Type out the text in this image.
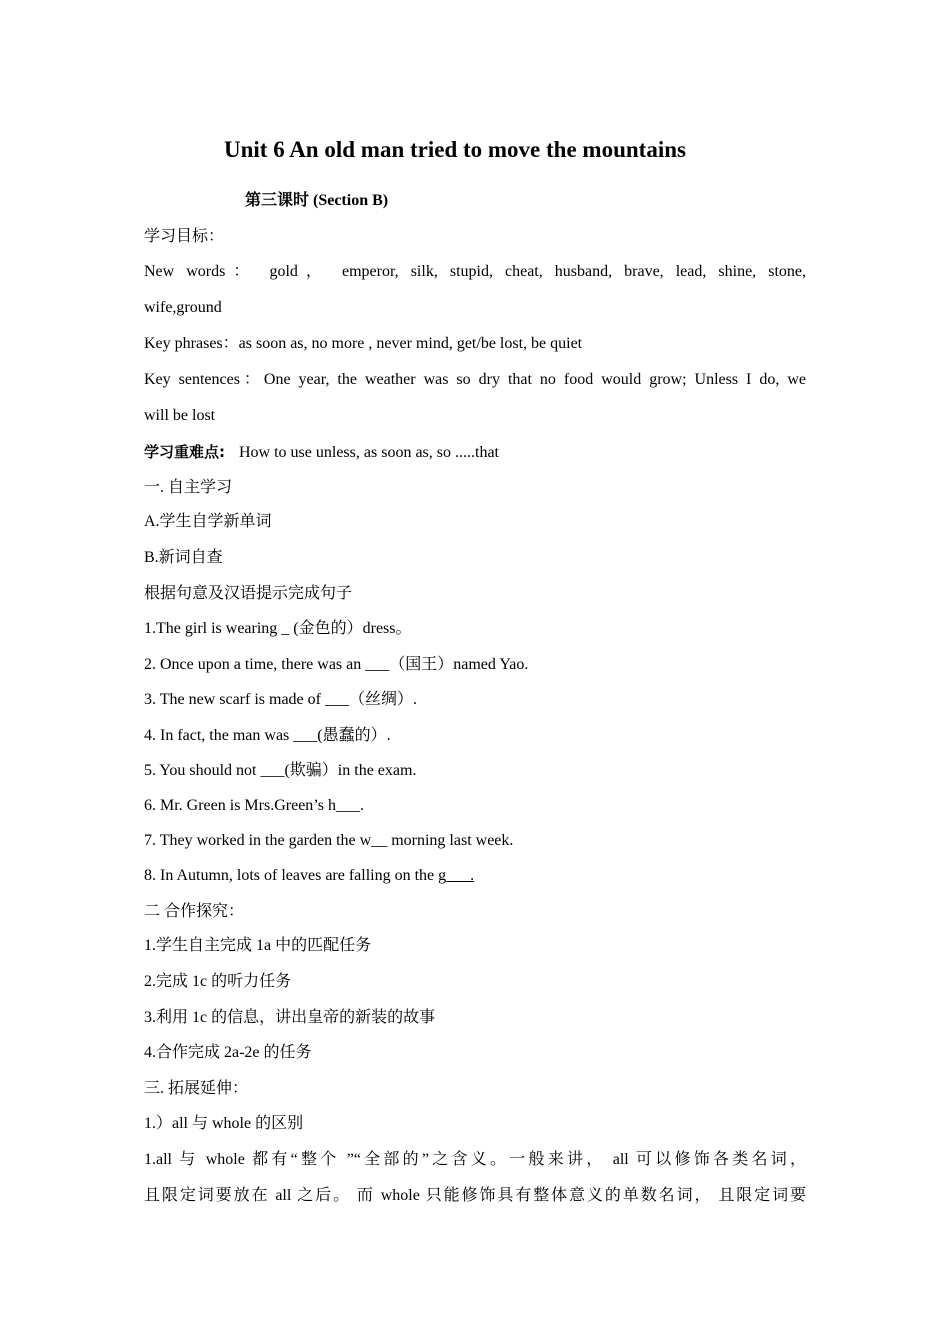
Unit 6 An old man tried to move the mountains
第三课时 (Section B)
学习目标：
New words： gold， emperor, silk, stupid, cheat, husband, brave, lead, shine, stone,
wife,ground
Key phrases：as soon as, no more , never mind, get/be lost, be quiet
Key sentences：One year, the weather was so dry that no food would grow; Unless I do, we
will be lost
学习重难点: How to use unless, as soon as, so .....that
一. 自主学习
A.学生自学新单词
B.新词自查
根据句意及汉语提示完成句子
1.The girl is wearing _ (金色的）dress。
2. Once upon a time, there was an ___（国王）named Yao.
3. The new scarf is made of ___（丝绸）.
4. In fact, the man was ___(愚蠢的）.
5. You should not ___(欺骗）in the exam.
6. Mr. Green is Mrs.Green’s h___.
7. They worked in the garden the w__ morning last week.
8. In Autumn, lots of leaves are falling on the g___.
二 合作探究：
1.学生自主完成 1a 中的匹配任务
2.完成 1c 的听力任务
3.利用 1c 的信息，讲出皇帝的新装的故事
4.合作完成 2a-2e 的任务
三. 拓展延伸：
1.）all 与 whole 的区别
1.all 与 whole 都有“整个 ”“全部的”之含义。一般来讲， all 可以修饰各类名词，
且限定词要放在 all 之后。 而 whole 只能修饰具有整体意义的单数名词， 且限定词要
